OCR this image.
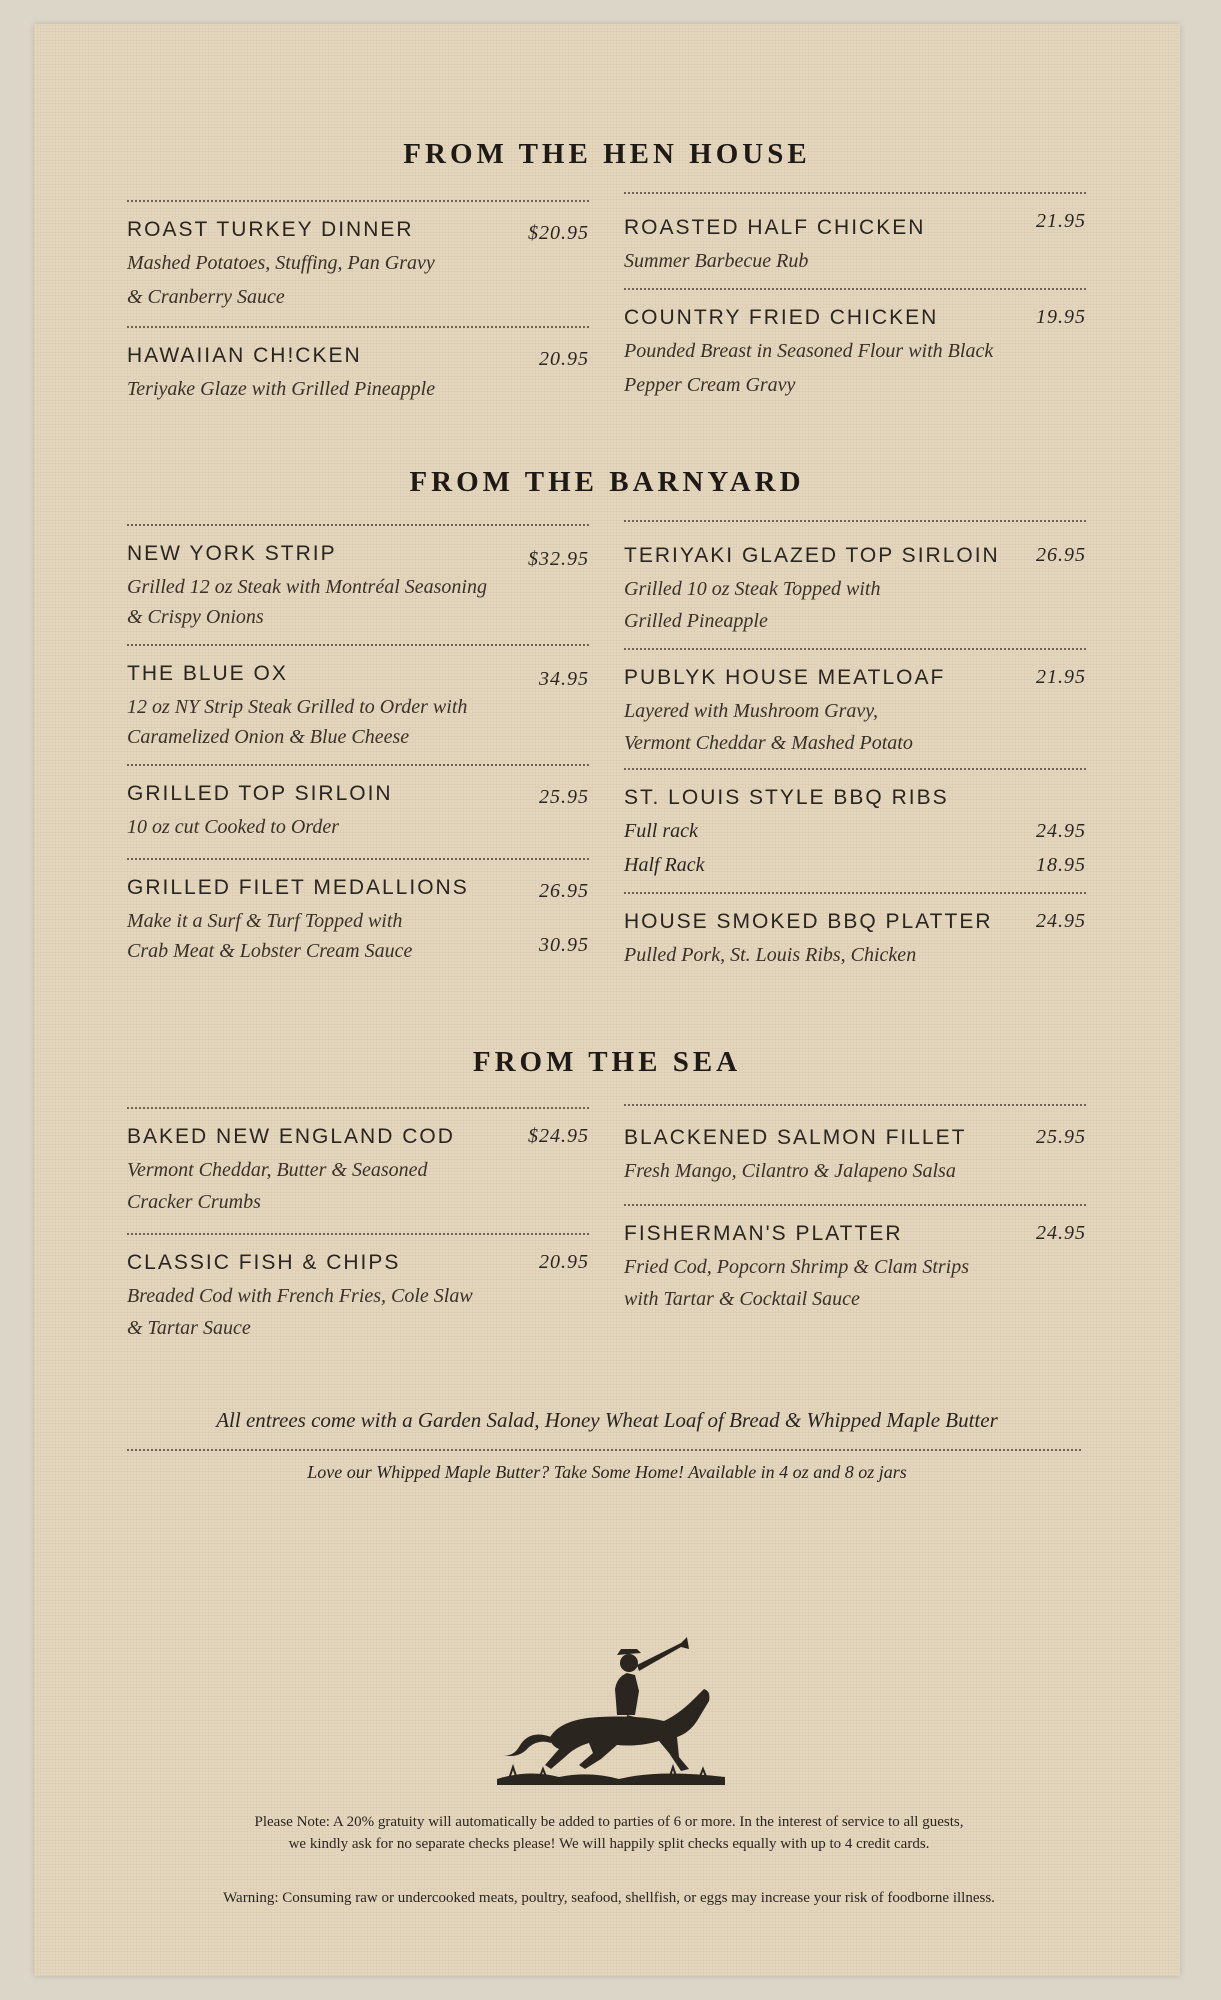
FROM THE HEN HOUSE
ROAST TURKEY DINNER	$20.95
Mashed Potatoes, Stuffing, Pan Gravy
& Cranberry Sauce
HAWAIIAN CH!CKEN	20.95
Teriyake Glaze with Grilled Pineapple
ROASTED HALF CHICKEN	21.95
Summer Barbecue Rub
COUNTRY FRIED CHICKEN	19.95
Pounded Breast in Seasoned Flour with Black
Pepper Cream Gravy
FROM THE BARNYARD
NEW YORK STRIP	$32.95
Grilled 12 oz Steak with Montréal Seasoning
& Crispy Onions
THE BLUE OX	34.95
12 oz NY Strip Steak Grilled to Order with
Caramelized Onion & Blue Cheese
GRILLED TOP SIRLOIN	25.95
10 oz cut Cooked to Order
GRILLED FILET MEDALLIONS	26.95
Make it a Surf & Turf Topped with
30.95
Crab Meat & Lobster Cream Sauce
TERIYAKI GLAZED TOP SIRLOIN	26.95
Grilled 10 oz Steak Topped with
Grilled Pineapple
PUBLYK HOUSE MEATLOAF	21.95
Layered with Mushroom Gravy,
Vermont Cheddar & Mashed Potato
ST. LOUIS STYLE BBQ RIBS
Full rack	24.95
Half Rack	18.95
HOUSE SMOKED BBQ PLATTER	24.95
Pulled Pork, St. Louis Ribs, Chicken
FROM THE SEA
BAKED NEW ENGLAND COD	$24.95
Vermont Cheddar, Butter & Seasoned
Cracker Crumbs
CLASSIC FISH & CHIPS	20.95
Breaded Cod with French Fries, Cole Slaw
& Tartar Sauce
BLACKENED SALMON FILLET	25.95
Fresh Mango, Cilantro & Jalapeno Salsa
FISHERMAN'S PLATTER	24.95
Fried Cod, Popcorn Shrimp & Clam Strips
with Tartar & Cocktail Sauce
All entrees come with a Garden Salad, Honey Wheat Loaf of Bread & Whipped Maple Butter
Love our Whipped Maple Butter? Take Some Home! Available in 4 oz and 8 oz jars
Please Note: A 20% gratuity will automatically be added to parties of 6 or more. In the interest of service to all guests,
we kindly ask for no separate checks please! We will happily split checks equally with up to 4 credit cards.
Warning: Consuming raw or undercooked meats, poultry, seafood, shellfish, or eggs may increase your risk of foodborne illness.
